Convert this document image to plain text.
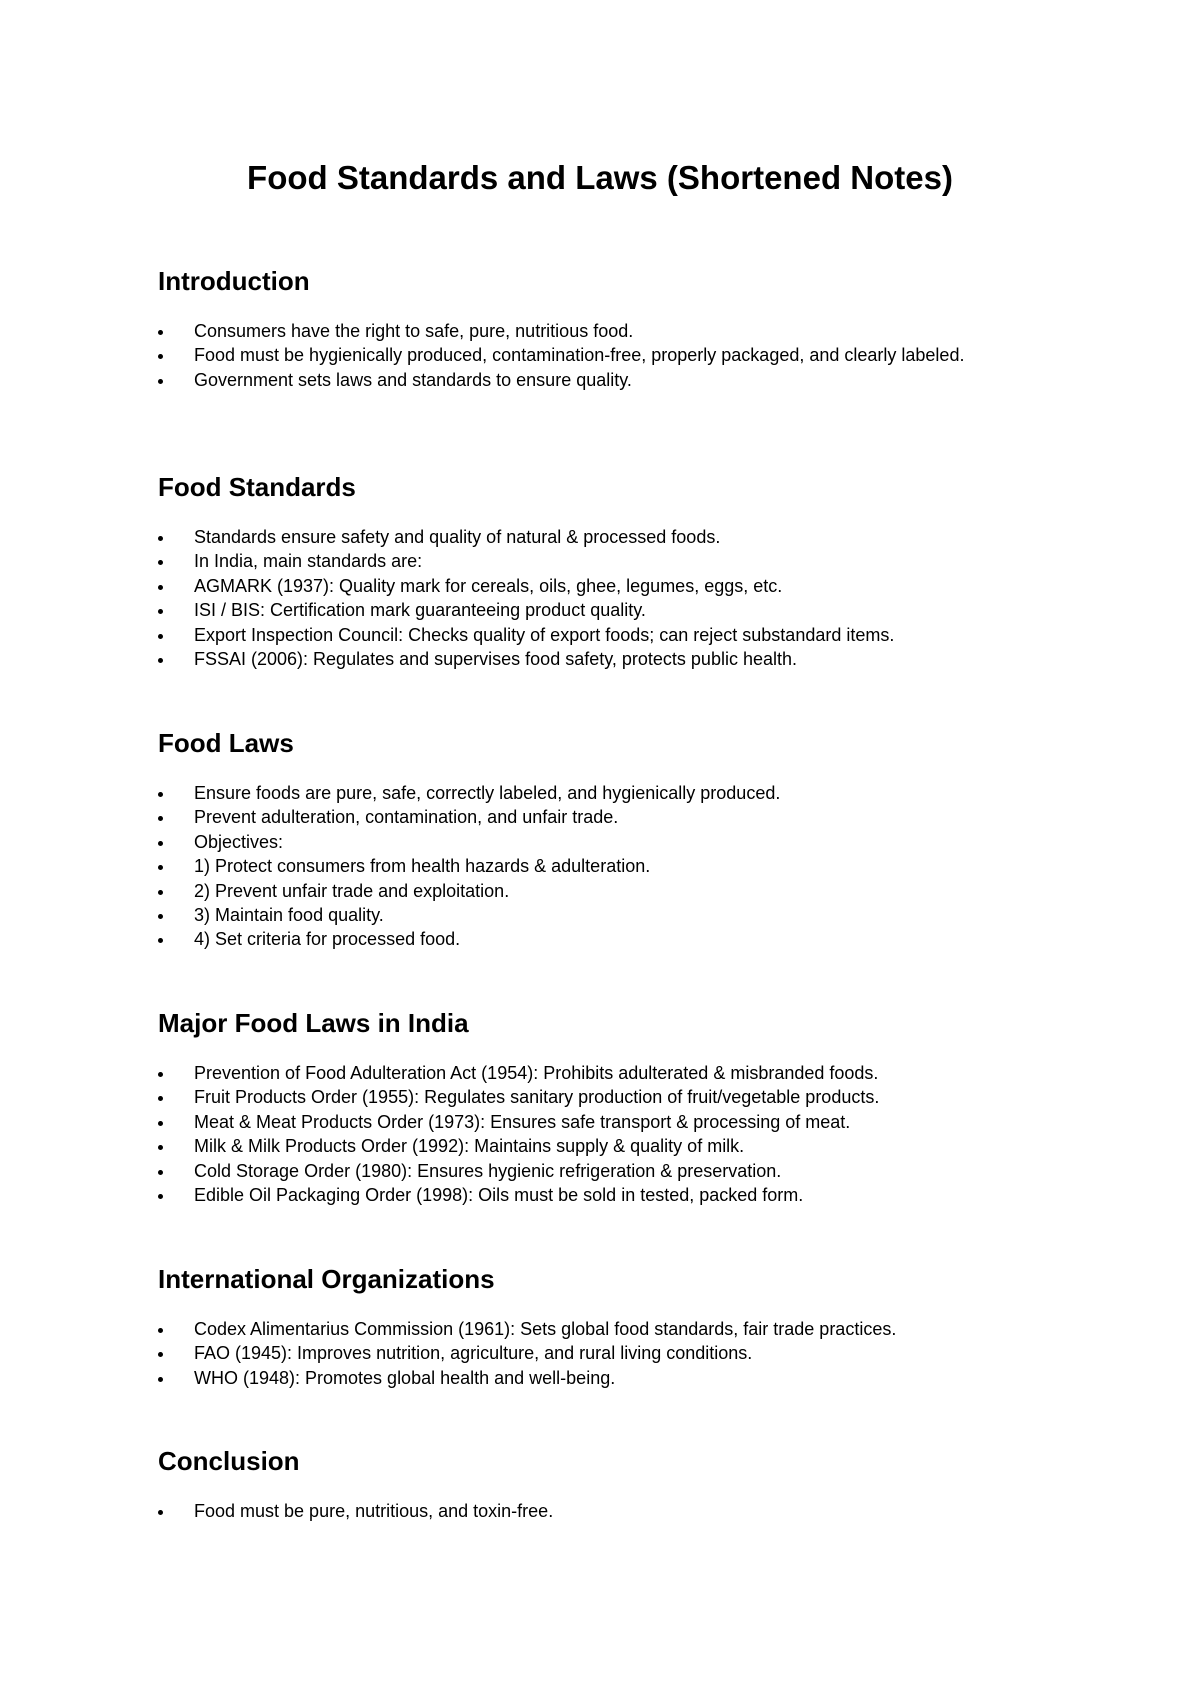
Food Standards and Laws (Shortened Notes)
Introduction
Consumers have the right to safe, pure, nutritious food.
Food must be hygienically produced, contamination-free, properly packaged, and clearly labeled.
Government sets laws and standards to ensure quality.
Food Standards
Standards ensure safety and quality of natural & processed foods.
In India, main standards are:
AGMARK (1937): Quality mark for cereals, oils, ghee, legumes, eggs, etc.
ISI / BIS: Certification mark guaranteeing product quality.
Export Inspection Council: Checks quality of export foods; can reject substandard items.
FSSAI (2006): Regulates and supervises food safety, protects public health.
Food Laws
Ensure foods are pure, safe, correctly labeled, and hygienically produced.
Prevent adulteration, contamination, and unfair trade.
Objectives:
1) Protect consumers from health hazards & adulteration.
2) Prevent unfair trade and exploitation.
3) Maintain food quality.
4) Set criteria for processed food.
Major Food Laws in India
Prevention of Food Adulteration Act (1954): Prohibits adulterated & misbranded foods.
Fruit Products Order (1955): Regulates sanitary production of fruit/vegetable products.
Meat & Meat Products Order (1973): Ensures safe transport & processing of meat.
Milk & Milk Products Order (1992): Maintains supply & quality of milk.
Cold Storage Order (1980): Ensures hygienic refrigeration & preservation.
Edible Oil Packaging Order (1998): Oils must be sold in tested, packed form.
International Organizations
Codex Alimentarius Commission (1961): Sets global food standards, fair trade practices.
FAO (1945): Improves nutrition, agriculture, and rural living conditions.
WHO (1948): Promotes global health and well-being.
Conclusion
Food must be pure, nutritious, and toxin-free.
